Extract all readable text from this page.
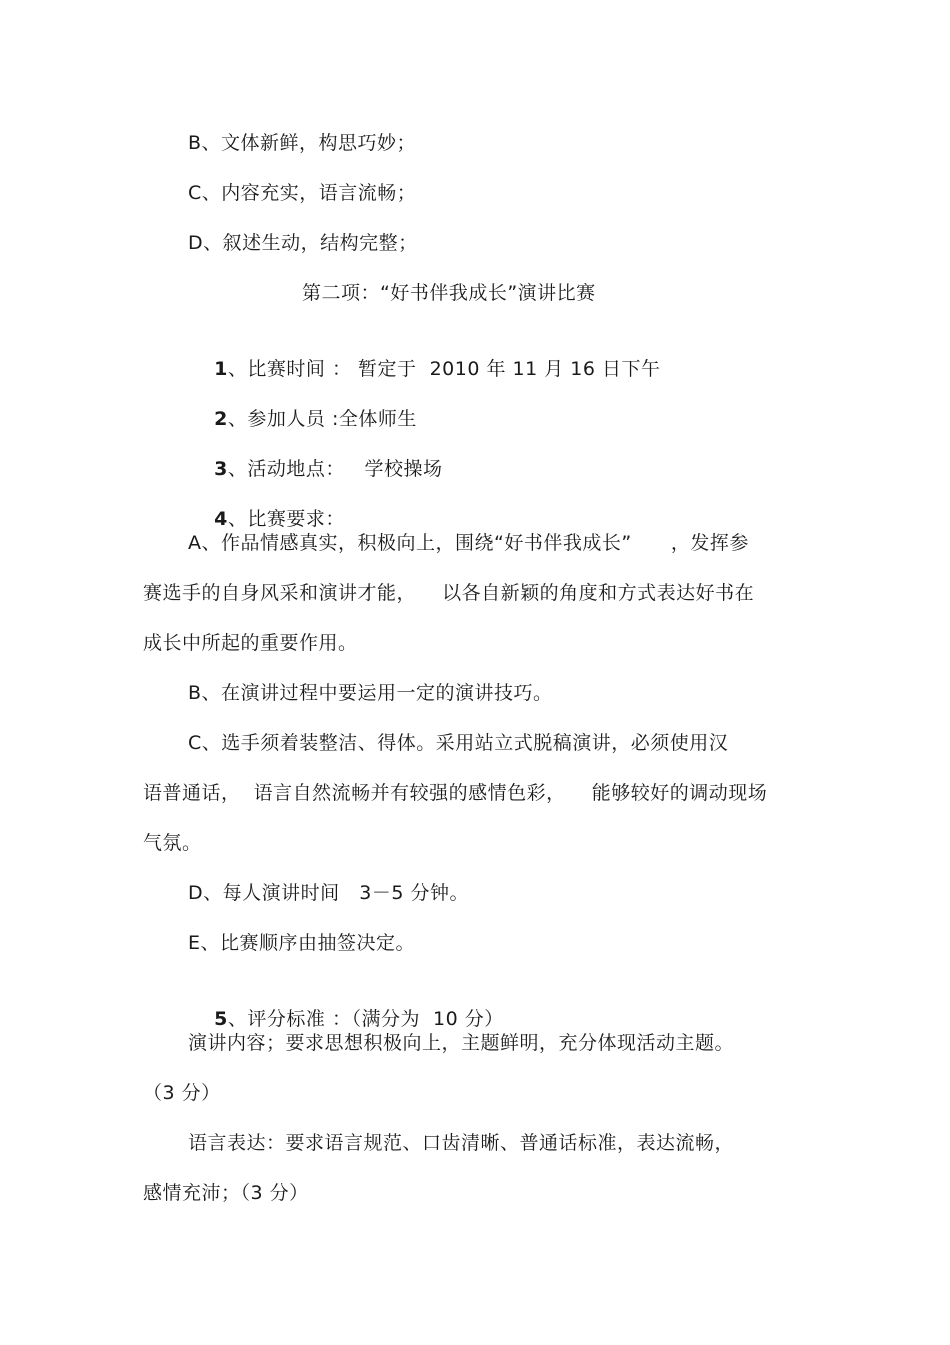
B、文体新鲜，构思巧妙；
C、内容充实，语言流畅；
D、叙述生动，结构完整；
第二项：“好书伴我成长”演讲比赛

1、比赛时间 ： 暂定于  2010 年 11 月 16 日下午

2、参加人员 :全体师生

3、活动地点：   学校操场

4、比赛要求：

A、作品情感真实，积极向上，围绕“好书伴我成长”      ，发挥参
赛选手的自身风采和演讲才能，    以各自新颖的角度和方式表达好书在
成长中所起的重要作用。
B、在演讲过程中要运用一定的演讲技巧。
C、选手须着装整洁、得体。采用站立式脱稿演讲，必须使用汉
语普通话，  语言自然流畅并有较强的感情色彩，    能够较好的调动现场
气氛。
D、每人演讲时间   3－5 分钟。
E、比赛顺序由抽签决定。

5、评分标准 ：（满分为  10 分）

演讲内容；要求思想积极向上，主题鲜明，充分体现活动主题。
（3 分）
语言表达：要求语言规范、口齿清晰、普通话标准，表达流畅，
感情充沛；（3 分）
